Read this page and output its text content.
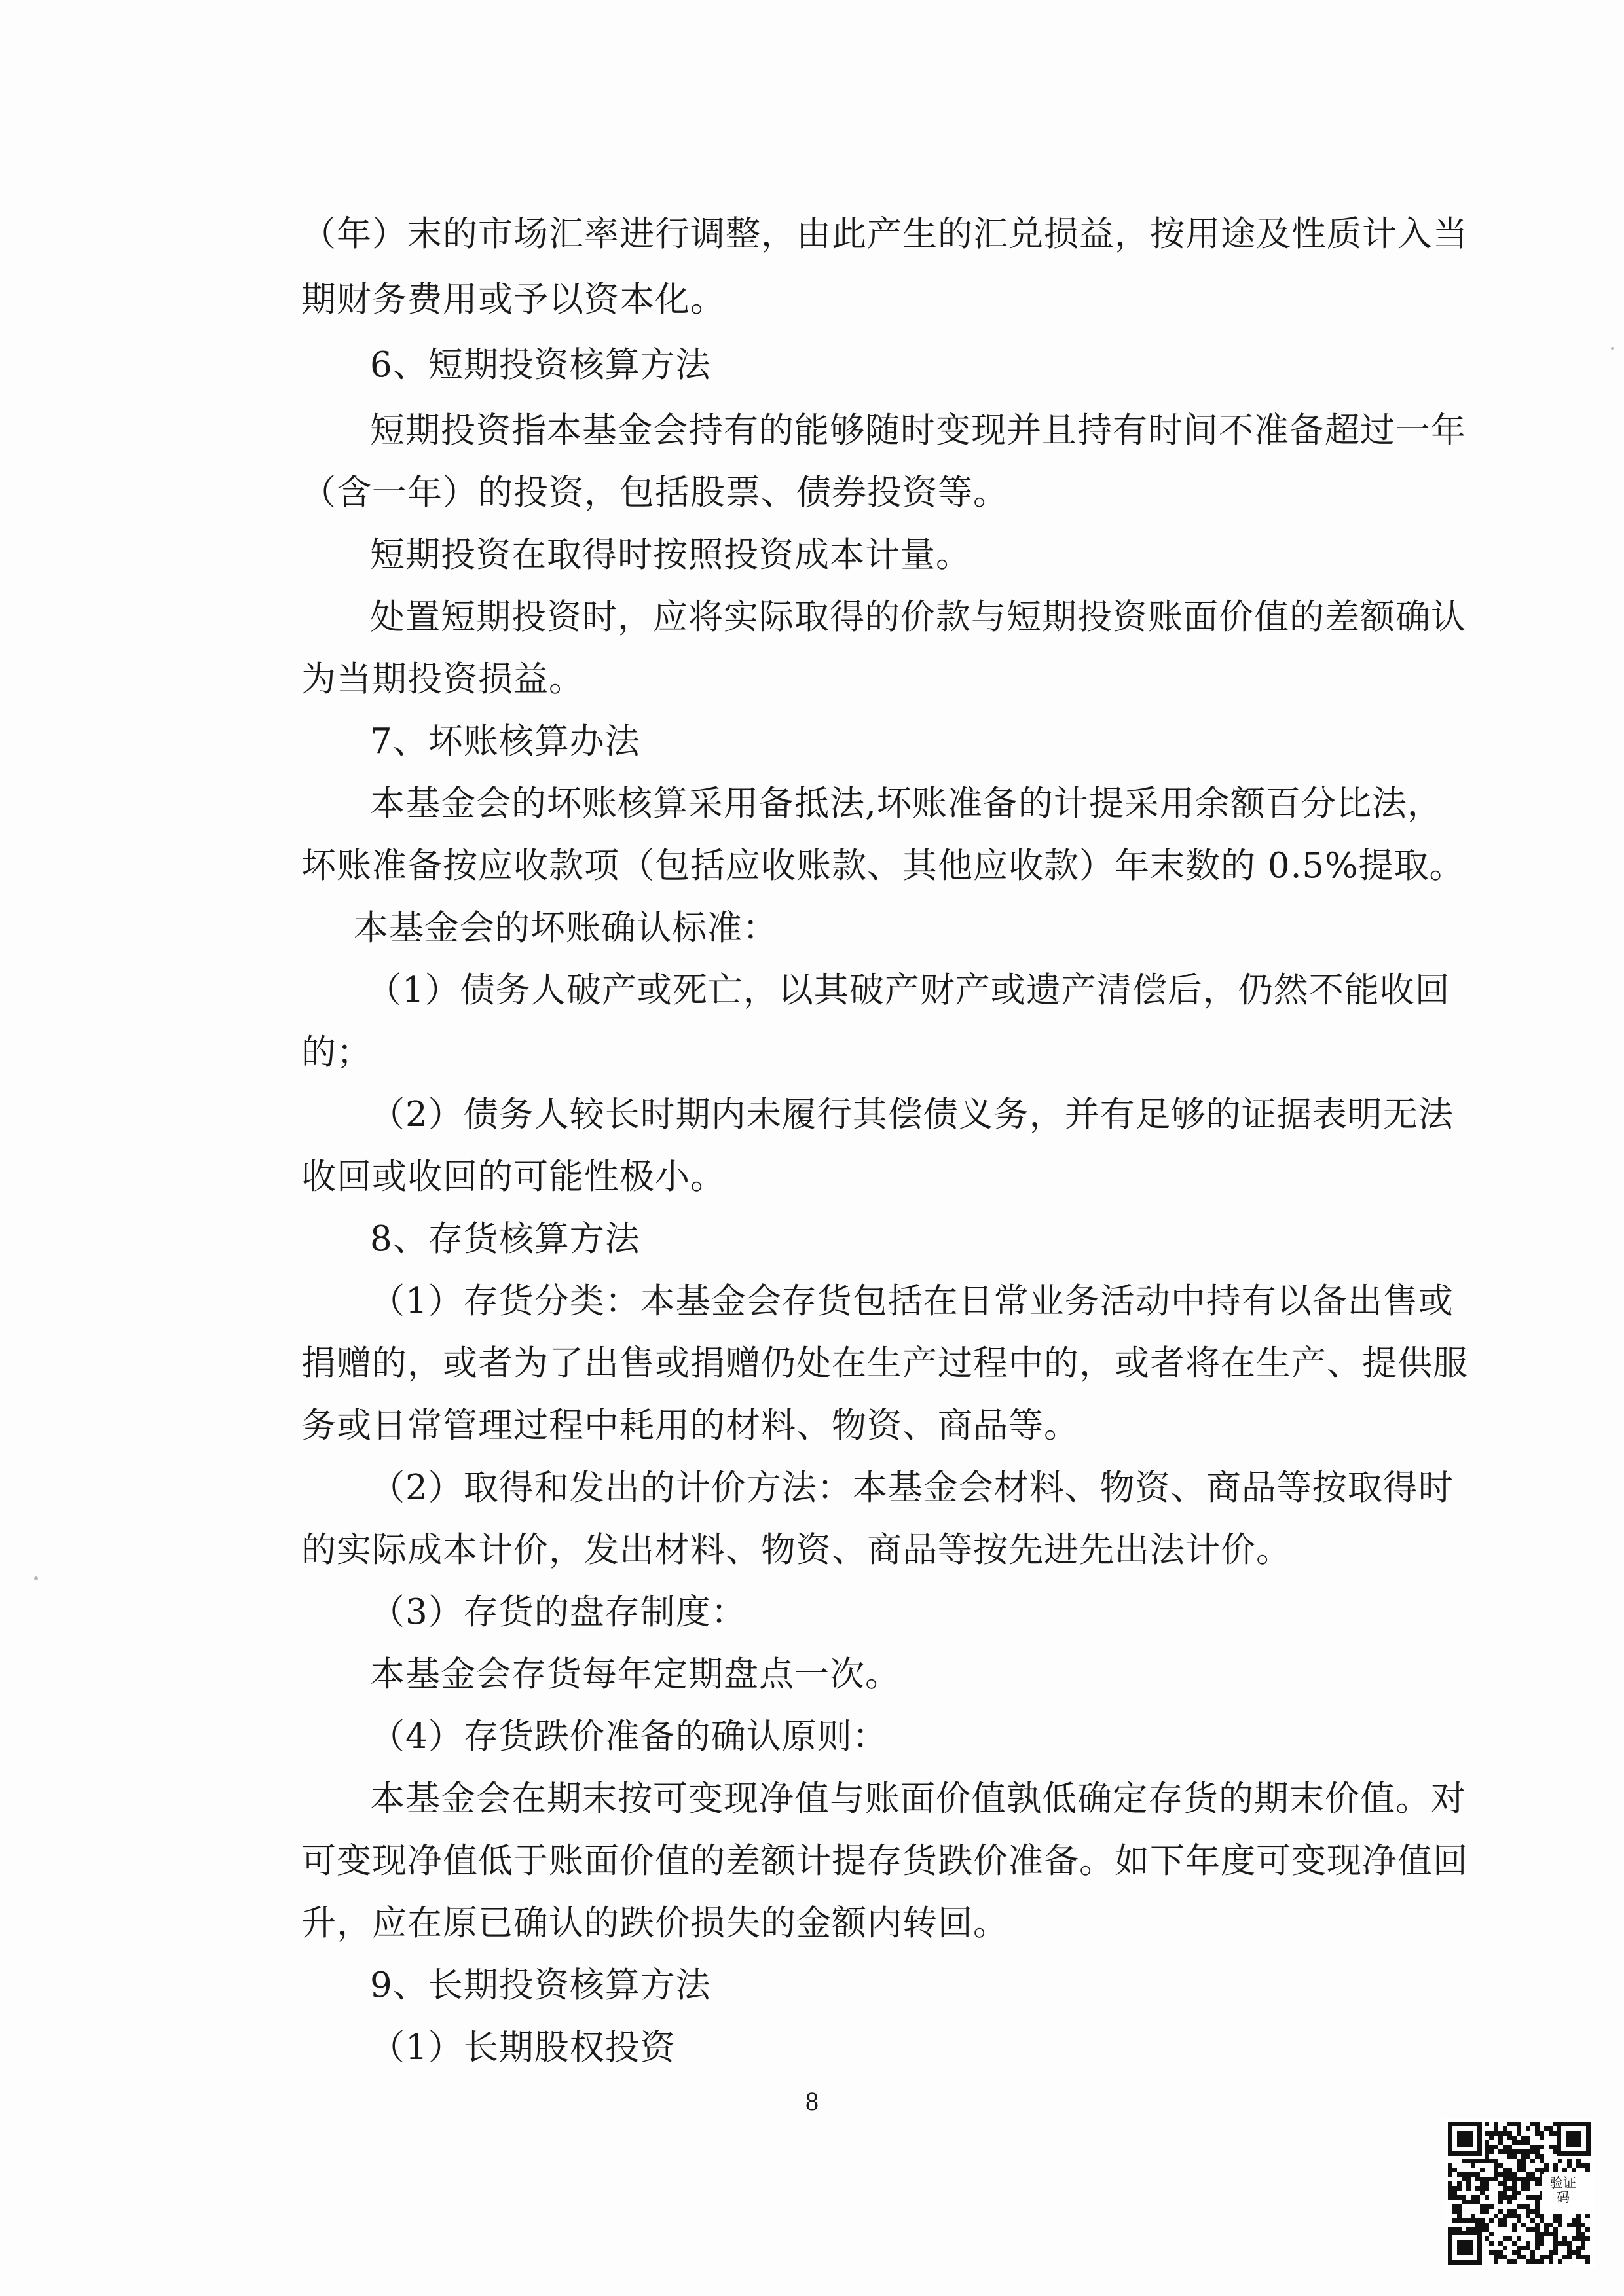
（年）末的市场汇率进行调整，由此产生的汇兑损益，按用途及性质计入当

期财务费用或予以资本化。

6、短期投资核算方法

短期投资指本基金会持有的能够随时变现并且持有时间不准备超过一年

（含一年）的投资，包括股票、债券投资等。

短期投资在取得时按照投资成本计量。

处置短期投资时，应将实际取得的价款与短期投资账面价值的差额确认

为当期投资损益。

7、坏账核算办法

本基金会的坏账核算采用备抵法,坏账准备的计提采用余额百分比法，

坏账准备按应收款项（包括应收账款、其他应收款）年末数的 0.5%提取。

本基金会的坏账确认标准：

（1）债务人破产或死亡，以其破产财产或遗产清偿后，仍然不能收回

的；

（2）债务人较长时期内未履行其偿债义务，并有足够的证据表明无法

收回或收回的可能性极小。

8、存货核算方法

（1）存货分类：本基金会存货包括在日常业务活动中持有以备出售或

捐赠的，或者为了出售或捐赠仍处在生产过程中的，或者将在生产、提供服

务或日常管理过程中耗用的材料、物资、商品等。

（2）取得和发出的计价方法：本基金会材料、物资、商品等按取得时

的实际成本计价，发出材料、物资、商品等按先进先出法计价。

（3）存货的盘存制度：

本基金会存货每年定期盘点一次。

（4）存货跌价准备的确认原则：

本基金会在期末按可变现净值与账面价值孰低确定存货的期末价值。对

可变现净值低于账面价值的差额计提存货跌价准备。如下年度可变现净值回

升，应在原已确认的跌价损失的金额内转回。

9、长期投资核算方法

（1）长期股权投资

8
验证
码
